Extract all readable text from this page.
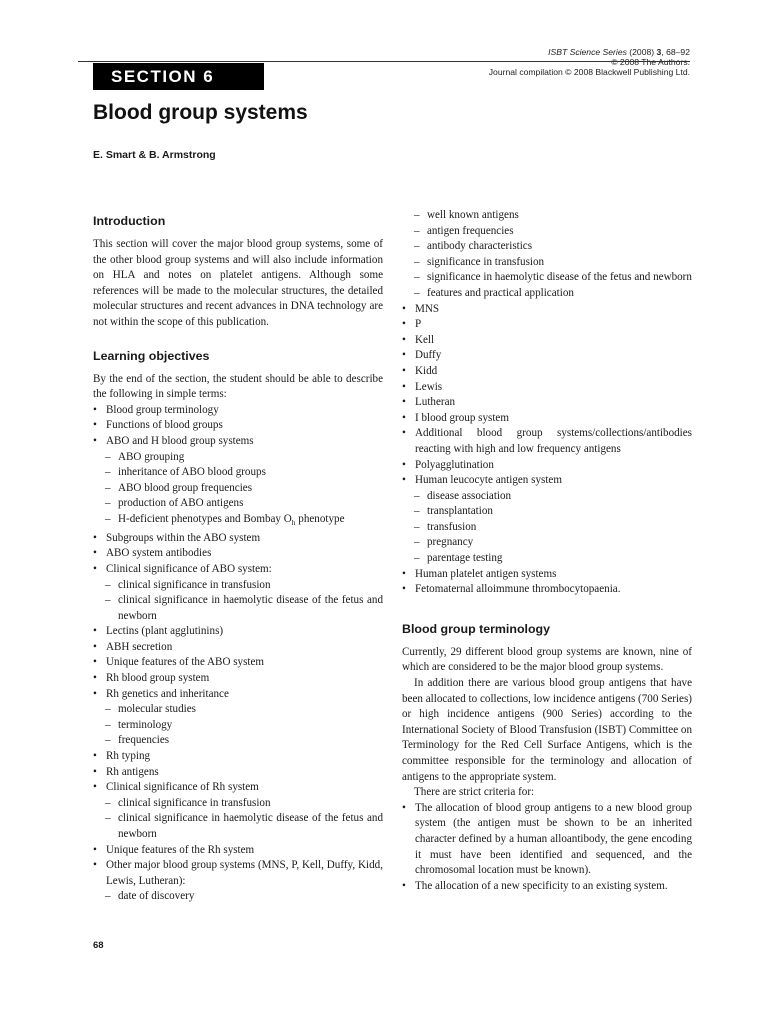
ISBT Science Series (2008) 3, 68–92
© 2008 The Authors.
Journal compilation © 2008 Blackwell Publishing Ltd.
SECTION 6
Blood group systems
E. Smart & B. Armstrong
Introduction

This section will cover the major blood group systems, some of the other blood group systems and will also include information on HLA and notes on platelet antigens. Although some references will be made to the molecular structures, the detailed molecular structures and recent advances in DNA technology are not within the scope of this publication.

Learning objectives

By the end of the section, the student should be able to describe the following in simple terms:

• Blood group terminology
• Functions of blood groups
• ABO and H blood group systems
– ABO grouping
– inheritance of ABO blood groups
– ABO blood group frequencies
– production of ABO antigens
– H-deficient phenotypes and Bombay $O_h$ phenotype
• Subgroups within the ABO system
• ABO system antibodies
• Clinical significance of ABO system:
– clinical significance in transfusion
– clinical significance in haemolytic disease of the fetus and newborn
• Lectins (plant agglutinins)
• ABH secretion
• Unique features of the ABO system
• Rh blood group system
• Rh genetics and inheritance
– molecular studies
– terminology
– frequencies
• Rh typing
• Rh antigens
• Clinical significance of Rh system
– clinical significance in transfusion
– clinical significance in haemolytic disease of the fetus and newborn
• Unique features of the Rh system
• Other major blood group systems (MNS, P, Kell, Duffy, Kidd, Lewis, Lutheran):
– date of discovery
– well known antigens
– antigen frequencies
– antibody characteristics
– significance in transfusion
– significance in haemolytic disease of the fetus and newborn
– features and practical application
• MNS
• P
• Kell
• Duffy
• Kidd
• Lewis
• Lutheran
• I blood group system
• Additional blood group systems/collections/antibodies reacting with high and low frequency antigens
• Polyagglutination
• Human leucocyte antigen system
– disease association
– transplantation
– transfusion
– pregnancy
– parentage testing
• Human platelet antigen systems
• Fetomaternal alloimmune thrombocytopaenia.
Blood group terminology

Currently, 29 different blood group systems are known, nine of which are considered to be the major blood group systems.

In addition there are various blood group antigens that have been allocated to collections, low incidence antigens (700 Series) or high incidence antigens (900 Series) according to the International Society of Blood Transfusion (ISBT) Committee on Terminology for the Red Cell Surface Antigens, which is the committee responsible for the terminology and allocation of antigens to the appropriate system.

There are strict criteria for:

• The allocation of blood group antigens to a new blood group system (the antigen must be shown to be an inherited character defined by a human alloantibody, the gene encoding it must have been identified and sequenced, and the chromosomal location must be known).
• The allocation of a new specificity to an existing system.
68
